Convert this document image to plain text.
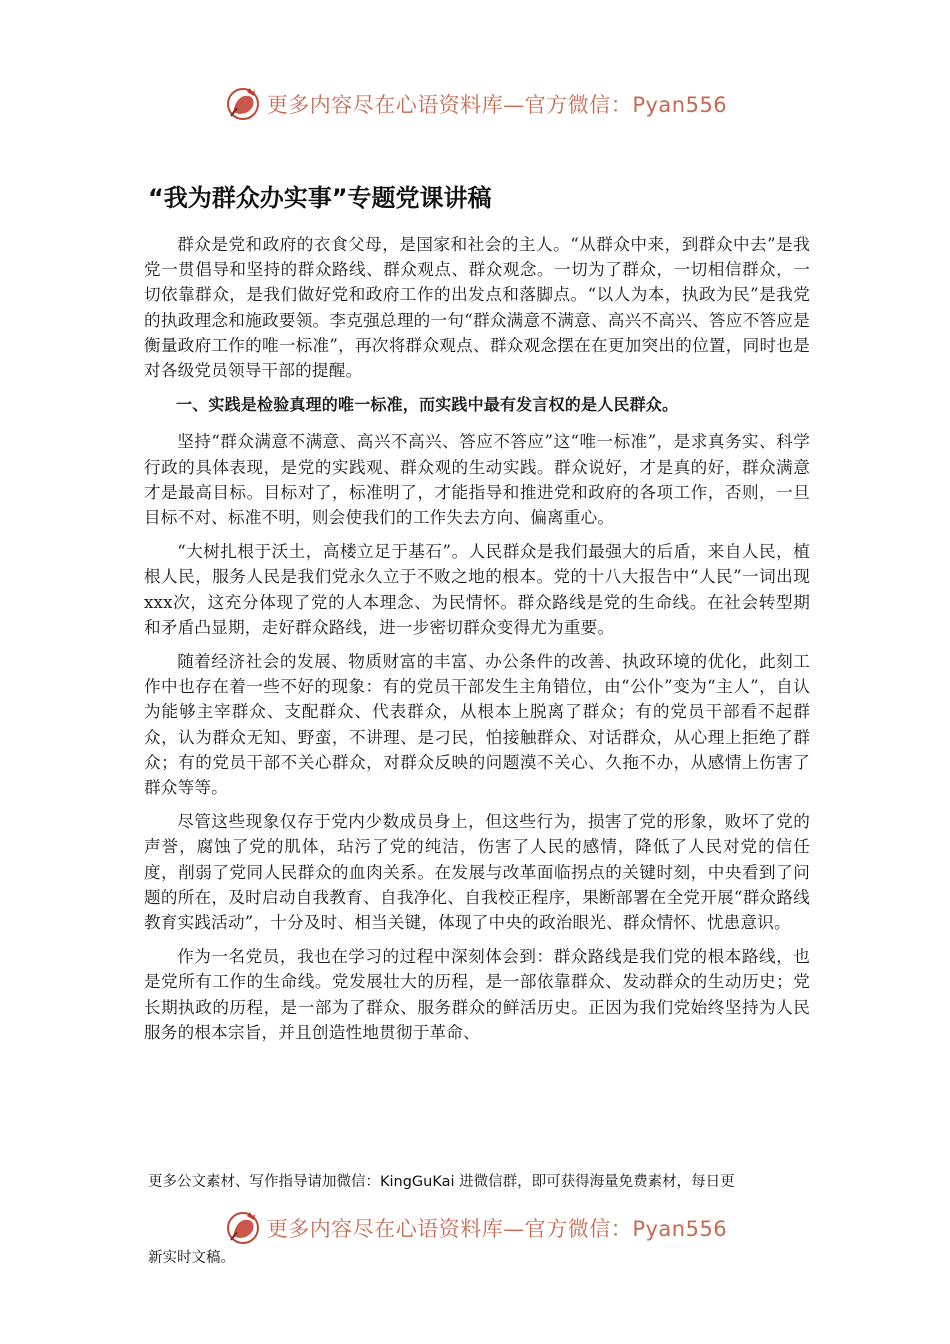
更多内容尽在心语资料库—官方微信：Pyan556
“我为群众办实事”专题党课讲稿

群众是党和政府的衣食父母，是国家和社会的主人。“从群众中来，到群众中去”是我党一贯倡导和坚持的群众路线、群众观点、群众观念。一切为了群众，一切相信群众，一切依靠群众，是我们做好党和政府工作的出发点和落脚点。“以人为本，执政为民”是我党的执政理念和施政要领。李克强总理的一句“群众满意不满意、高兴不高兴、答应不答应是衡量政府工作的唯一标准”，再次将群众观点、群众观念摆在在更加突出的位置，同时也是对各级党员领导干部的提醒。

一、实践是检验真理的唯一标准，而实践中最有发言权的是人民群众。

坚持“群众满意不满意、高兴不高兴、答应不答应”这“唯一标准”，是求真务实、科学行政的具体表现，是党的实践观、群众观的生动实践。群众说好，才是真的好，群众满意才是最高目标。目标对了，标准明了，才能指导和推进党和政府的各项工作，否则，一旦目标不对、标准不明，则会使我们的工作失去方向、偏离重心。

“大树扎根于沃土，高楼立足于基石”。人民群众是我们最强大的后盾，来自人民，植根人民，服务人民是我们党永久立于不败之地的根本。党的十八大报告中“人民”一词出现xxx次，这充分体现了党的人本理念、为民情怀。群众路线是党的生命线。在社会转型期和矛盾凸显期，走好群众路线，进一步密切群众变得尤为重要。

随着经济社会的发展、物质财富的丰富、办公条件的改善、执政环境的优化，此刻工作中也存在着一些不好的现象：有的党员干部发生主角错位，由“公仆”变为“主人”，自认为能够主宰群众、支配群众、代表群众，从根本上脱离了群众；有的党员干部看不起群众，认为群众无知、野蛮，不讲理、是刁民，怕接触群众、对话群众，从心理上拒绝了群众；有的党员干部不关心群众，对群众反映的问题漠不关心、久拖不办，从感情上伤害了群众等等。

尽管这些现象仅存于党内少数成员身上，但这些行为，损害了党的形象，败坏了党的声誉，腐蚀了党的肌体，玷污了党的纯洁，伤害了人民的感情，降低了人民对党的信任度，削弱了党同人民群众的血肉关系。在发展与改革面临拐点的关键时刻，中央看到了问题的所在，及时启动自我教育、自我净化、自我校正程序，果断部署在全党开展“群众路线教育实践活动”，十分及时、相当关键，体现了中央的政治眼光、群众情怀、忧患意识。

作为一名党员，我也在学习的过程中深刻体会到：群众路线是我们党的根本路线，也是党所有工作的生命线。党发展壮大的历程，是一部依靠群众、发动群众的生动历史；党长期执政的历程，是一部为了群众、服务群众的鲜活历史。正因为我们党始终坚持为人民服务的根本宗旨，并且创造性地贯彻于革命、

更多公文素材、写作指导请加微信：KingGuKai 进微信群，即可获得海量免费素材，每日更
更多内容尽在心语资料库—官方微信：Pyan556
新实时文稿。
